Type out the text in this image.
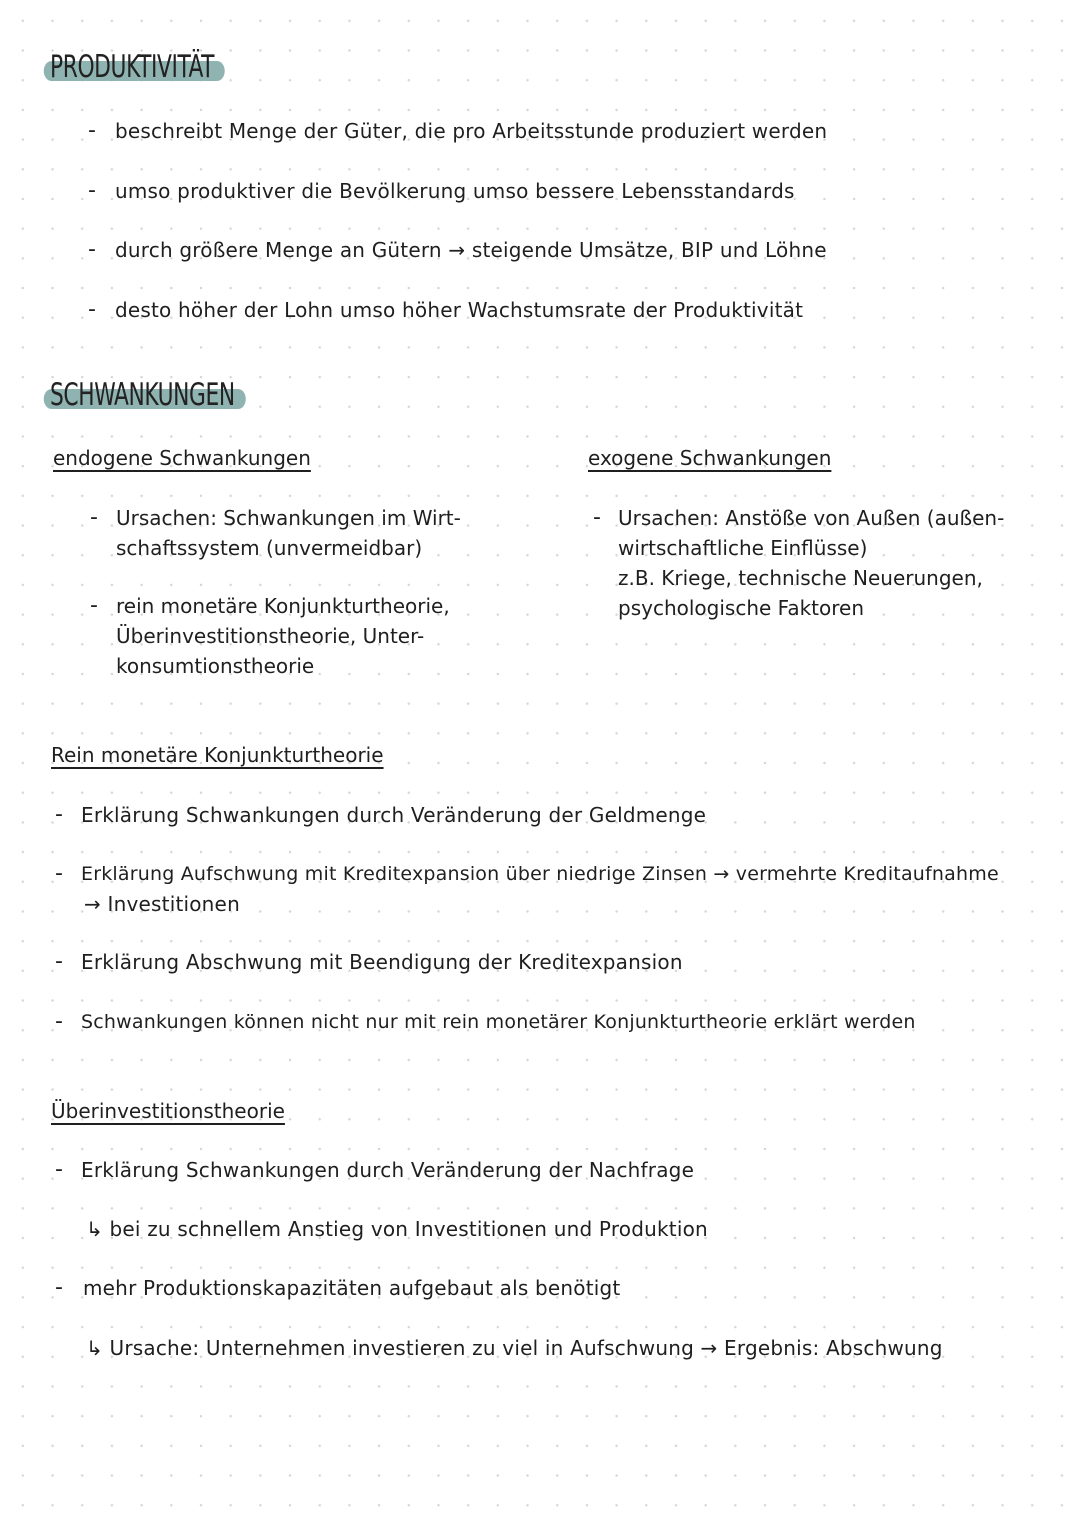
PRODUKTIVITÄT
- beschreibt Menge der Güter, die pro Arbeitsstunde produziert werden
- umso produktiver die Bevölkerung umso bessere Lebensstandards
- durch größere Menge an Gütern → steigende Umsätze, BIP und Löhne
- desto höher der Lohn umso höher Wachstumsrate der Produktivität
SCHWANKUNGEN
endogene Schwankungen	exogene Schwankungen
- Ursachen: Schwankungen im Wirt-
schaftssystem (unvermeidbar)
- rein monetäre Konjunkturtheorie,
Überinvestitionstheorie, Unter-
konsumtionstheorie
- Ursachen: Anstöße von Außen (außen-
wirtschaftliche Einflüsse)
z.B. Kriege, technische Neuerungen,
psychologische Faktoren
Rein monetäre Konjunkturtheorie
- Erklärung Schwankungen durch Veränderung der Geldmenge
- Erklärung Aufschwung mit Kreditexpansion über niedrige Zinsen → vermehrte Kreditaufnahme
→ Investitionen
- Erklärung Abschwung mit Beendigung der Kreditexpansion
- Schwankungen können nicht nur mit rein monetärer Konjunkturtheorie erklärt werden
Überinvestitionstheorie
- Erklärung Schwankungen durch Veränderung der Nachfrage
↳ bei zu schnellem Anstieg von Investitionen und Produktion
- mehr Produktionskapazitäten aufgebaut als benötigt
↳ Ursache: Unternehmen investieren zu viel in Aufschwung → Ergebnis: Abschwung
